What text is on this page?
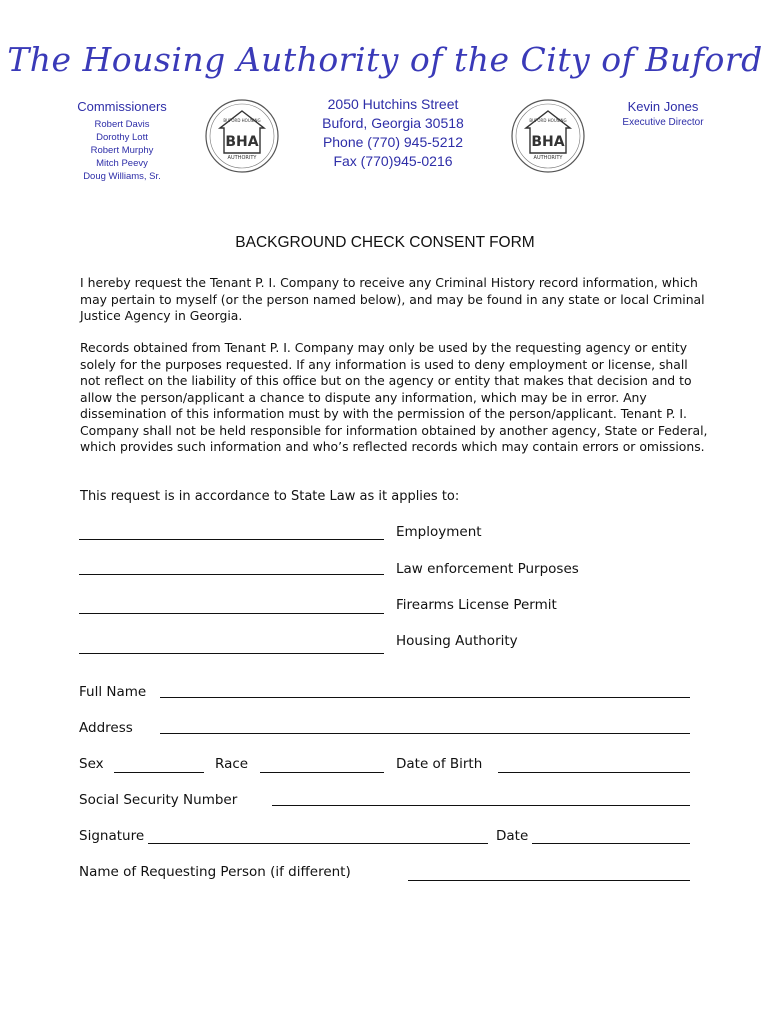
The Housing Authority of the City of Buford
Commissioners
Robert Davis
Dorothy Lott
Robert Murphy
Mitch Peevy
Doug Williams, Sr.
BHA
AUTHORITY
BUFORD HOUSING
2050 Hutchins Street
Buford, Georgia 30518
Phone (770) 945-5212
Fax (770)945-0216
BHA
AUTHORITY
BUFORD HOUSING
Kevin Jones
Executive Director
BACKGROUND CHECK CONSENT FORM
I hereby request the Tenant P. I. Company to receive any Criminal History record information, which may pertain to myself (or the person named below), and may be found in any state or local Criminal Justice Agency in Georgia.
Records obtained from Tenant P. I. Company may only be used by the requesting agency or entity solely for the purposes requested. If any information is used to deny employment or license, shall not reflect on the liability of this office but on the agency or entity that makes that decision and to allow the person/applicant a chance to dispute any information, which may be in error. Any dissemination of this information must by with the permission of the person/applicant. Tenant P. I. Company shall not be held responsible for information obtained by another agency, State or Federal, which provides such information and who’s reflected records which may contain errors or omissions.
This request is in accordance to State Law as it applies to:
Employment
Law enforcement Purposes
Firearms License Permit
Housing Authority
Full Name
Address
Sex	Race	Date of Birth
Social Security Number
Signature	Date
Name of Requesting Person (if different)
